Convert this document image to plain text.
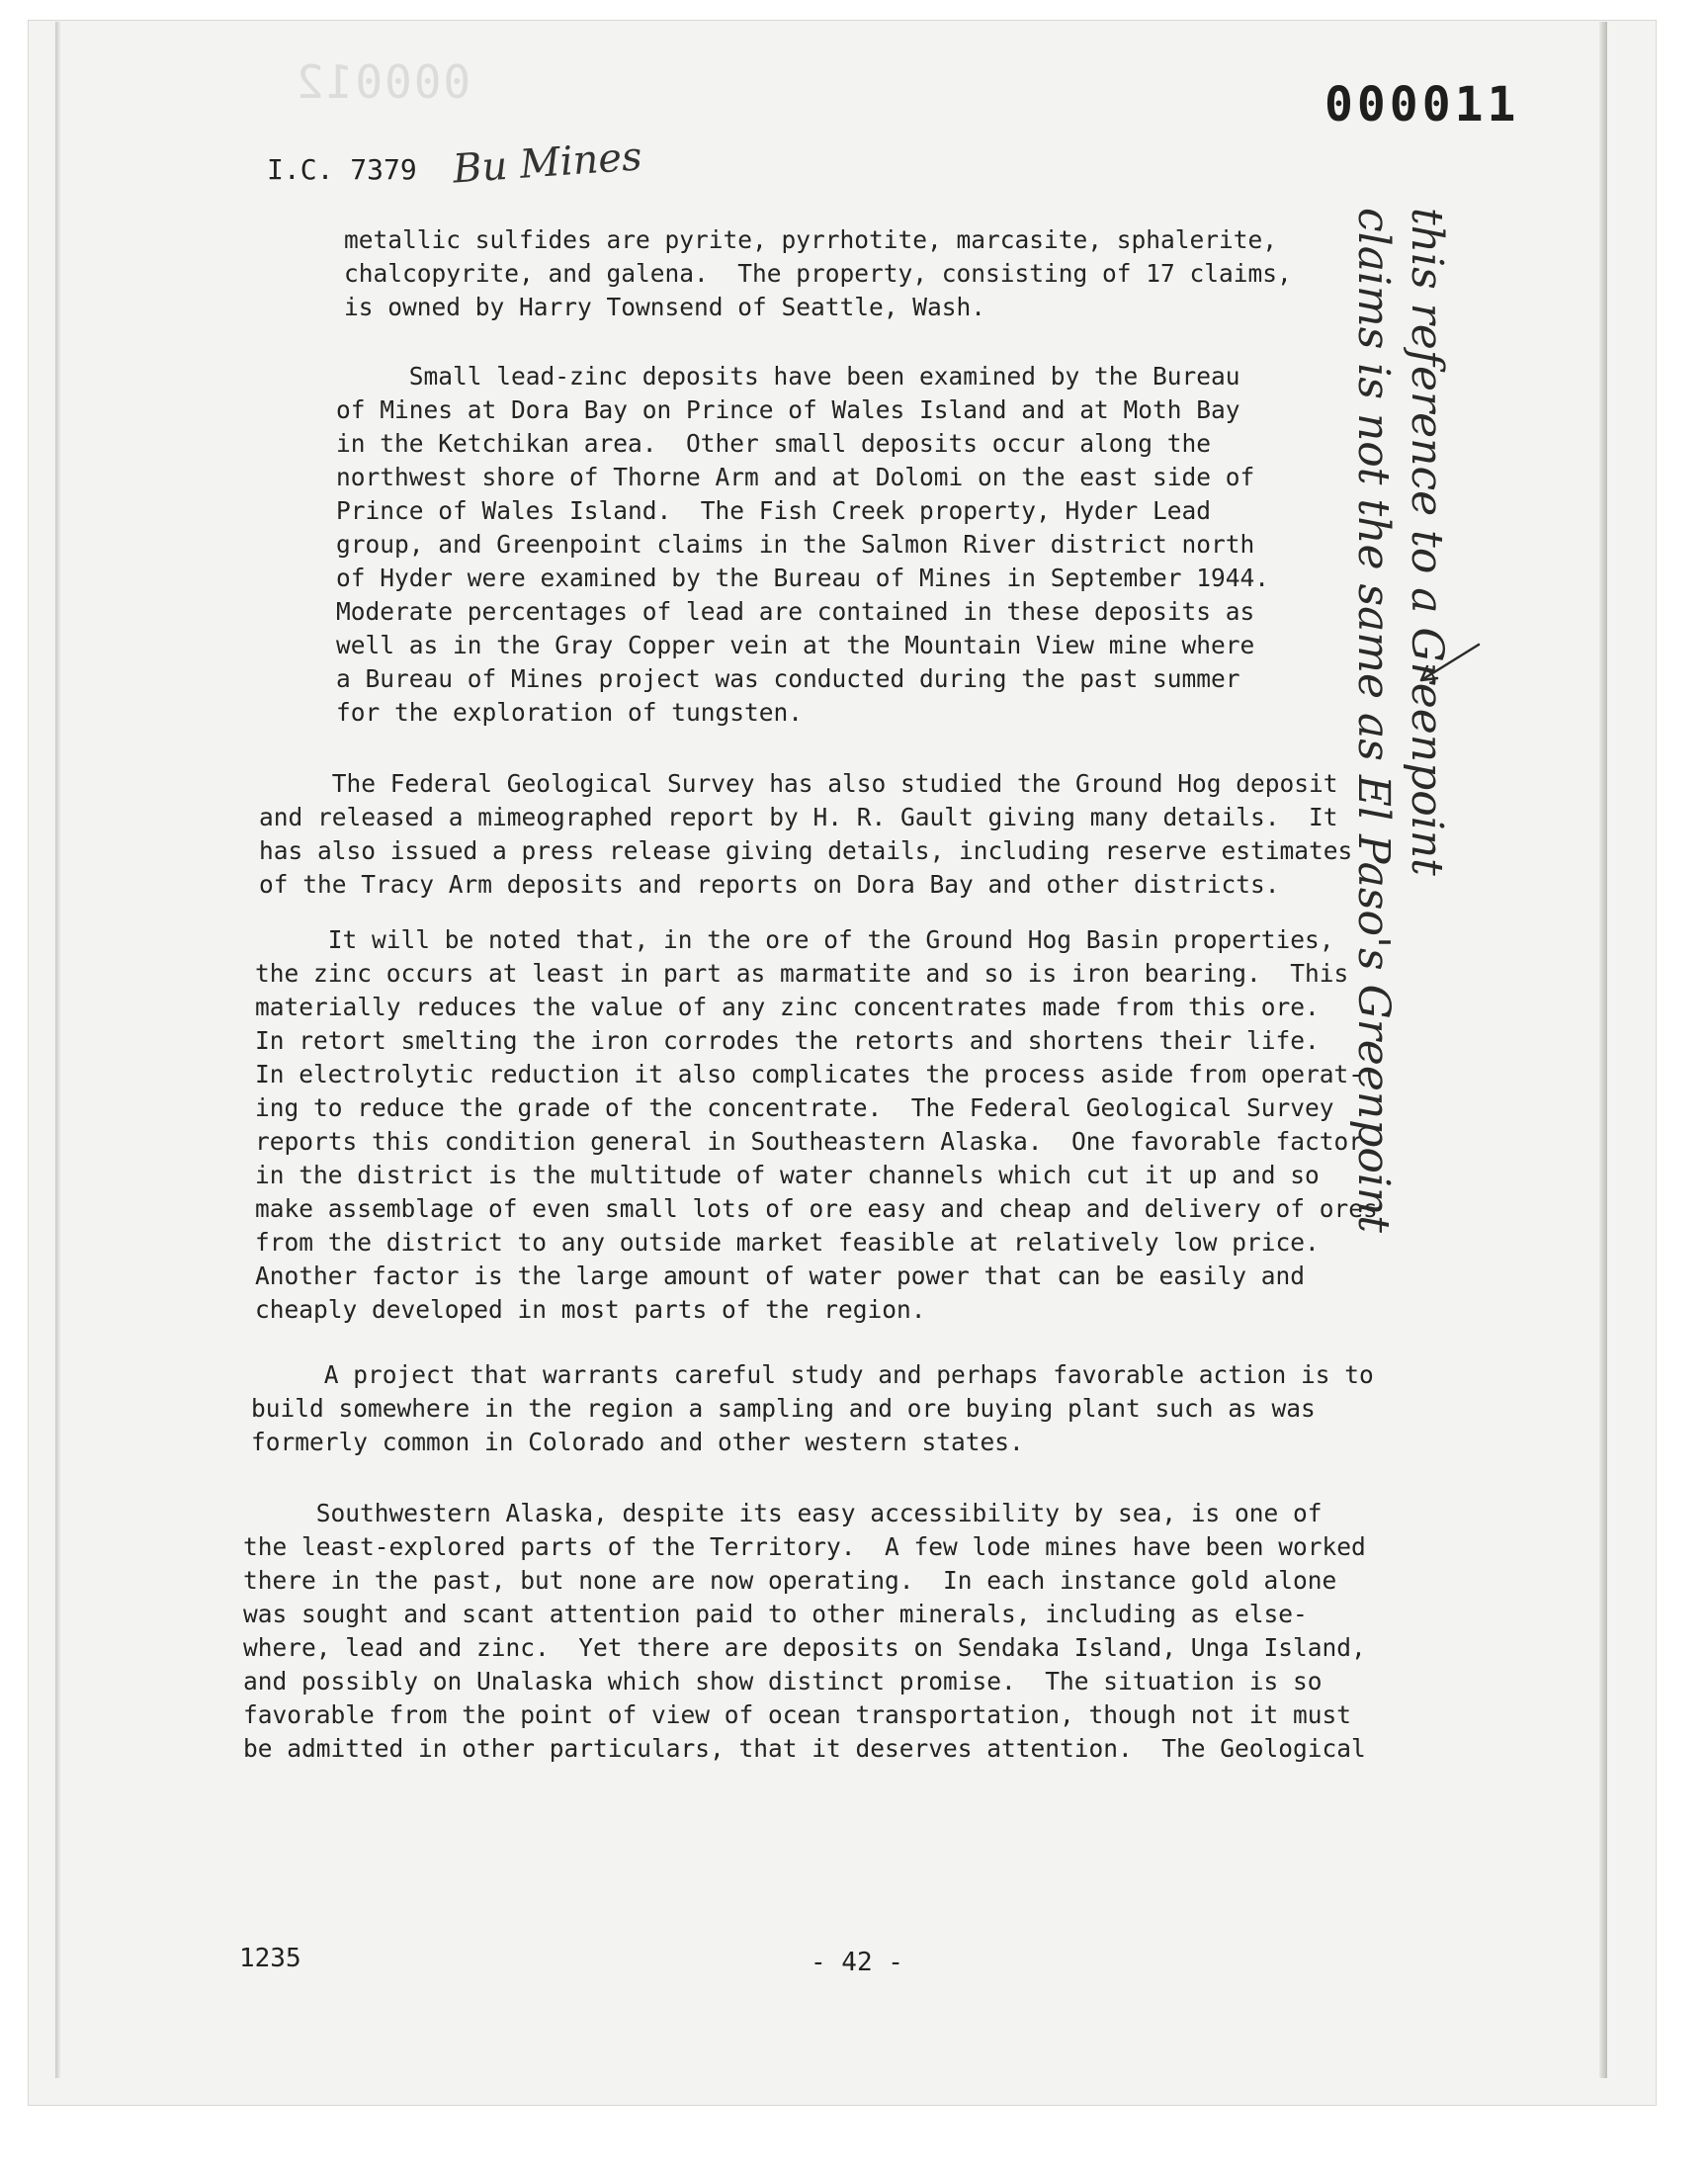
000012	000011
I.C. 7379 Bu Mines

metallic sulfides are pyrite, pyrrhotite, marcasite, sphalerite,
chalcopyrite, and galena.  The property, consisting of 17 claims,
is owned by Harry Townsend of Seattle, Wash.

Small lead-zinc deposits have been examined by the Bureau
of Mines at Dora Bay on Prince of Wales Island and at Moth Bay
in the Ketchikan area.  Other small deposits occur along the
northwest shore of Thorne Arm and at Dolomi on the east side of
Prince of Wales Island.  The Fish Creek property, Hyder Lead
group, and Greenpoint claims in the Salmon River district north
of Hyder were examined by the Bureau of Mines in September 1944.
Moderate percentages of lead are contained in these deposits as
well as in the Gray Copper vein at the Mountain View mine where
a Bureau of Mines project was conducted during the past summer
for the exploration of tungsten.

The Federal Geological Survey has also studied the Ground Hog deposit
and released a mimeographed report by H. R. Gault giving many details.  It
has also issued a press release giving details, including reserve estimates
of the Tracy Arm deposits and reports on Dora Bay and other districts.

It will be noted that, in the ore of the Ground Hog Basin properties,
the zinc occurs at least in part as marmatite and so is iron bearing.  This
materially reduces the value of any zinc concentrates made from this ore.
In retort smelting the iron corrodes the retorts and shortens their life.
In electrolytic reduction it also complicates the process aside from operat-
ing to reduce the grade of the concentrate.  The Federal Geological Survey
reports this condition general in Southeastern Alaska.  One favorable factor
in the district is the multitude of water channels which cut it up and so
make assemblage of even small lots of ore easy and cheap and delivery of ores
from the district to any outside market feasible at relatively low price.
Another factor is the large amount of water power that can be easily and
cheaply developed in most parts of the region.

A project that warrants careful study and perhaps favorable action is to
build somewhere in the region a sampling and ore buying plant such as was
formerly common in Colorado and other western states.

Southwestern Alaska, despite its easy accessibility by sea, is one of
the least-explored parts of the Territory.  A few lode mines have been worked
there in the past, but none are now operating.  In each instance gold alone
was sought and scant attention paid to other minerals, including as else-
where, lead and zinc.  Yet there are deposits on Sendaka Island, Unga Island,
and possibly on Unalaska which show distinct promise.  The situation is so
favorable from the point of view of ocean transportation, though not it must
be admitted in other particulars, that it deserves attention.  The Geological

this reference to a Greenpoint
claims is not the same as El Paso's Greenpoint
1235	- 42 -
